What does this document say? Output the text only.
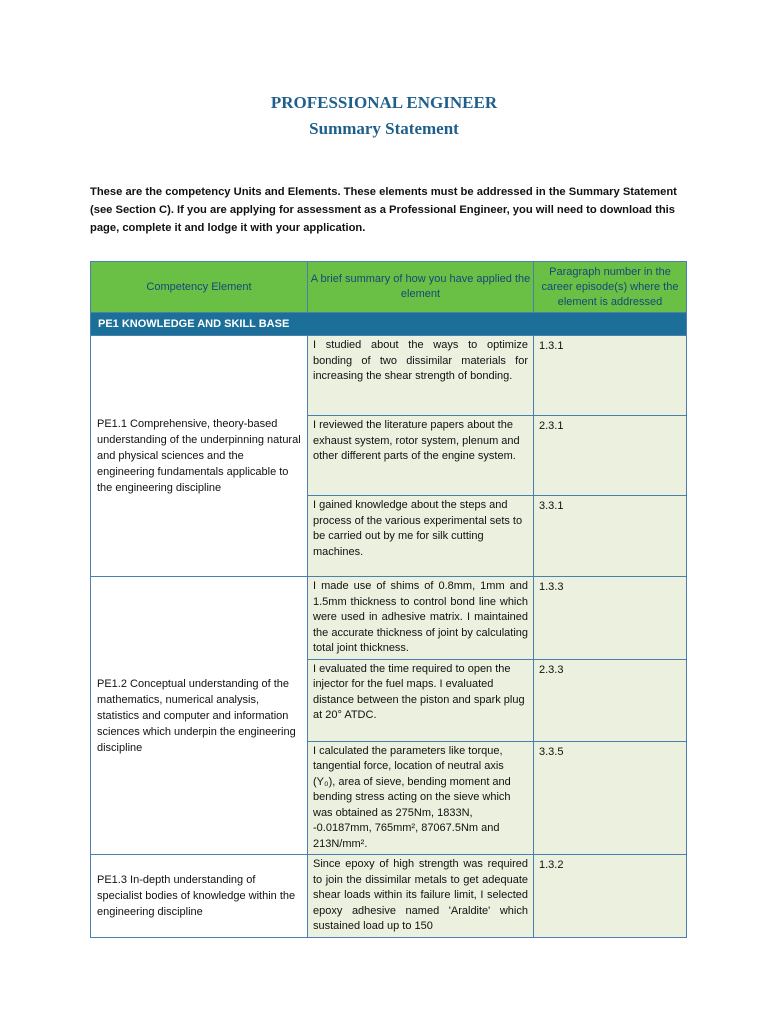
PROFESSIONAL ENGINEER
Summary Statement
These are the competency Units and Elements. These elements must be addressed in the Summary Statement (see Section C). If you are applying for assessment as a Professional Engineer, you will need to download this page, complete it and lodge it with your application.
Competency Element	A brief summary of how you have applied the element	Paragraph number in the career episode(s) where the element is addressed
PE1 KNOWLEDGE AND SKILL BASE		
PE1.1 Comprehensive, theory-based understanding of the underpinning natural and physical sciences and the engineering fundamentals applicable to the engineering discipline	I studied about the ways to optimize bonding of two dissimilar materials for increasing the shear strength of bonding.	1.3.1
	I reviewed the literature papers about the exhaust system, rotor system, plenum and other different parts of the engine system.	2.3.1
	I gained knowledge about the steps and process of the various experimental sets to be carried out by me for silk cutting machines.	3.3.1
PE1.2 Conceptual understanding of the mathematics, numerical analysis, statistics and computer and information sciences which underpin the engineering discipline	I made use of shims of 0.8mm, 1mm and 1.5mm thickness to control bond line which were used in adhesive matrix. I maintained the accurate thickness of joint by calculating total joint thickness.	1.3.3
	I evaluated the time required to open the injector for the fuel maps. I evaluated distance between the piston and spark plug at 20° ATDC.	2.3.3
	I calculated the parameters like torque, tangential force, location of neutral axis (Y₀), area of sieve, bending moment and bending stress acting on the sieve which was obtained as 275Nm, 1833N, -0.0187mm, 765mm², 87067.5Nm and 213N/mm².	3.3.5
PE1.3 In-depth understanding of specialist bodies of knowledge within the engineering discipline	Since epoxy of high strength was required to join the dissimilar metals to get adequate shear loads within its failure limit, I selected epoxy adhesive named 'Araldite' which sustained load up to 150	1.3.2
